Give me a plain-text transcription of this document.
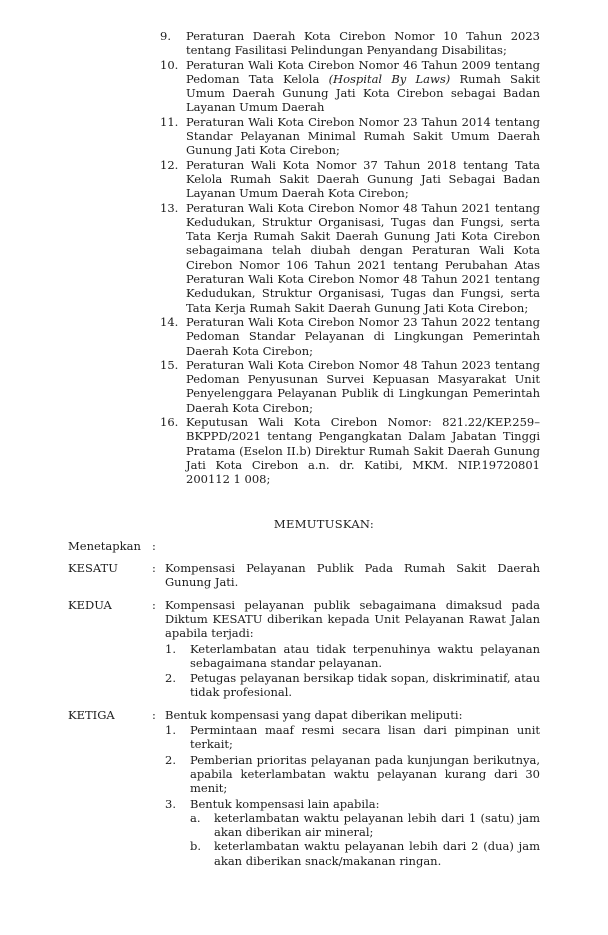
9.	Peraturan Daerah Kota Cirebon Nomor 10 Tahun 2023 tentang Fasilitasi Pelindungan Penyandang Disabilitas;
10. Peraturan Wali Kota Cirebon Nomor 46 Tahun 2009 tentang Pedoman Tata Kelola (Hospital By Laws) Rumah Sakit Umum Daerah Gunung Jati Kota Cirebon sebagai Badan Layanan Umum Daerah
11. Peraturan Wali Kota Cirebon Nomor 23 Tahun 2014 tentang Standar Pelayanan Minimal Rumah Sakit Umum Daerah Gunung Jati Kota Cirebon;
12. Peraturan Wali Kota Nomor 37 Tahun 2018 tentang Tata Kelola Rumah Sakit Daerah Gunung Jati Sebagai Badan Layanan Umum Daerah Kota Cirebon;
13. Peraturan Wali Kota Cirebon Nomor 48 Tahun 2021 tentang Kedudukan, Struktur Organisasi, Tugas dan Fungsi, serta Tata Kerja Rumah Sakit Daerah Gunung Jati Kota Cirebon sebagaimana telah diubah dengan Peraturan Wali Kota Cirebon Nomor 106 Tahun 2021 tentang Perubahan Atas Peraturan Wali Kota Cirebon Nomor 48 Tahun 2021 tentang Kedudukan, Struktur Organisasi, Tugas dan Fungsi, serta Tata Kerja Rumah Sakit Daerah Gunung Jati Kota Cirebon;
14. Peraturan Wali Kota Cirebon Nomor 23 Tahun 2022 tentang Pedoman Standar Pelayanan di Lingkungan Pemerintah Daerah Kota Cirebon;
15. Peraturan Wali Kota Cirebon Nomor 48 Tahun 2023 tentang Pedoman Penyusunan Survei Kepuasan Masyarakat Unit Penyelenggara Pelayanan Publik di Lingkungan Pemerintah Daerah Kota Cirebon;
16. Keputusan Wali Kota Cirebon Nomor: 821.22/KEP.259–BKPPD/2021 tentang Pengangkatan Dalam Jabatan Tinggi Pratama (Eselon II.b) Direktur Rumah Sakit Daerah Gunung Jati Kota Cirebon a.n. dr. Katibi, MKM. NIP.19720801 200112 1 008;
MEMUTUSKAN:
Menetapkan :
KESATU	: Kompensasi Pelayanan Publik Pada Rumah Sakit Daerah Gunung Jati.

KEDUA	: Kompensasi pelayanan publik sebagaimana dimaksud pada Diktum KESATU diberikan kepada Unit Pelayanan Rawat Jalan apabila terjadi:

1.	Keterlambatan atau tidak terpenuhinya waktu pelayanan sebagaimana standar pelayanan.
2.	Petugas pelayanan bersikap tidak sopan, diskriminatif, atau tidak profesional.
KETIGA	: Bentuk kompensasi yang dapat diberikan meliputi:

1.	Permintaan maaf resmi secara lisan dari pimpinan unit terkait;
2.	Pemberian prioritas pelayanan pada kunjungan berikutnya, apabila keterlambatan waktu pelayanan kurang dari 30 menit;
3.	Bentuk kompensasi lain apabila:

a.	keterlambatan waktu pelayanan lebih dari 1 (satu) jam akan diberikan air mineral;
b.	keterlambatan waktu pelayanan lebih dari 2 (dua) jam akan diberikan snack/makanan ringan.
